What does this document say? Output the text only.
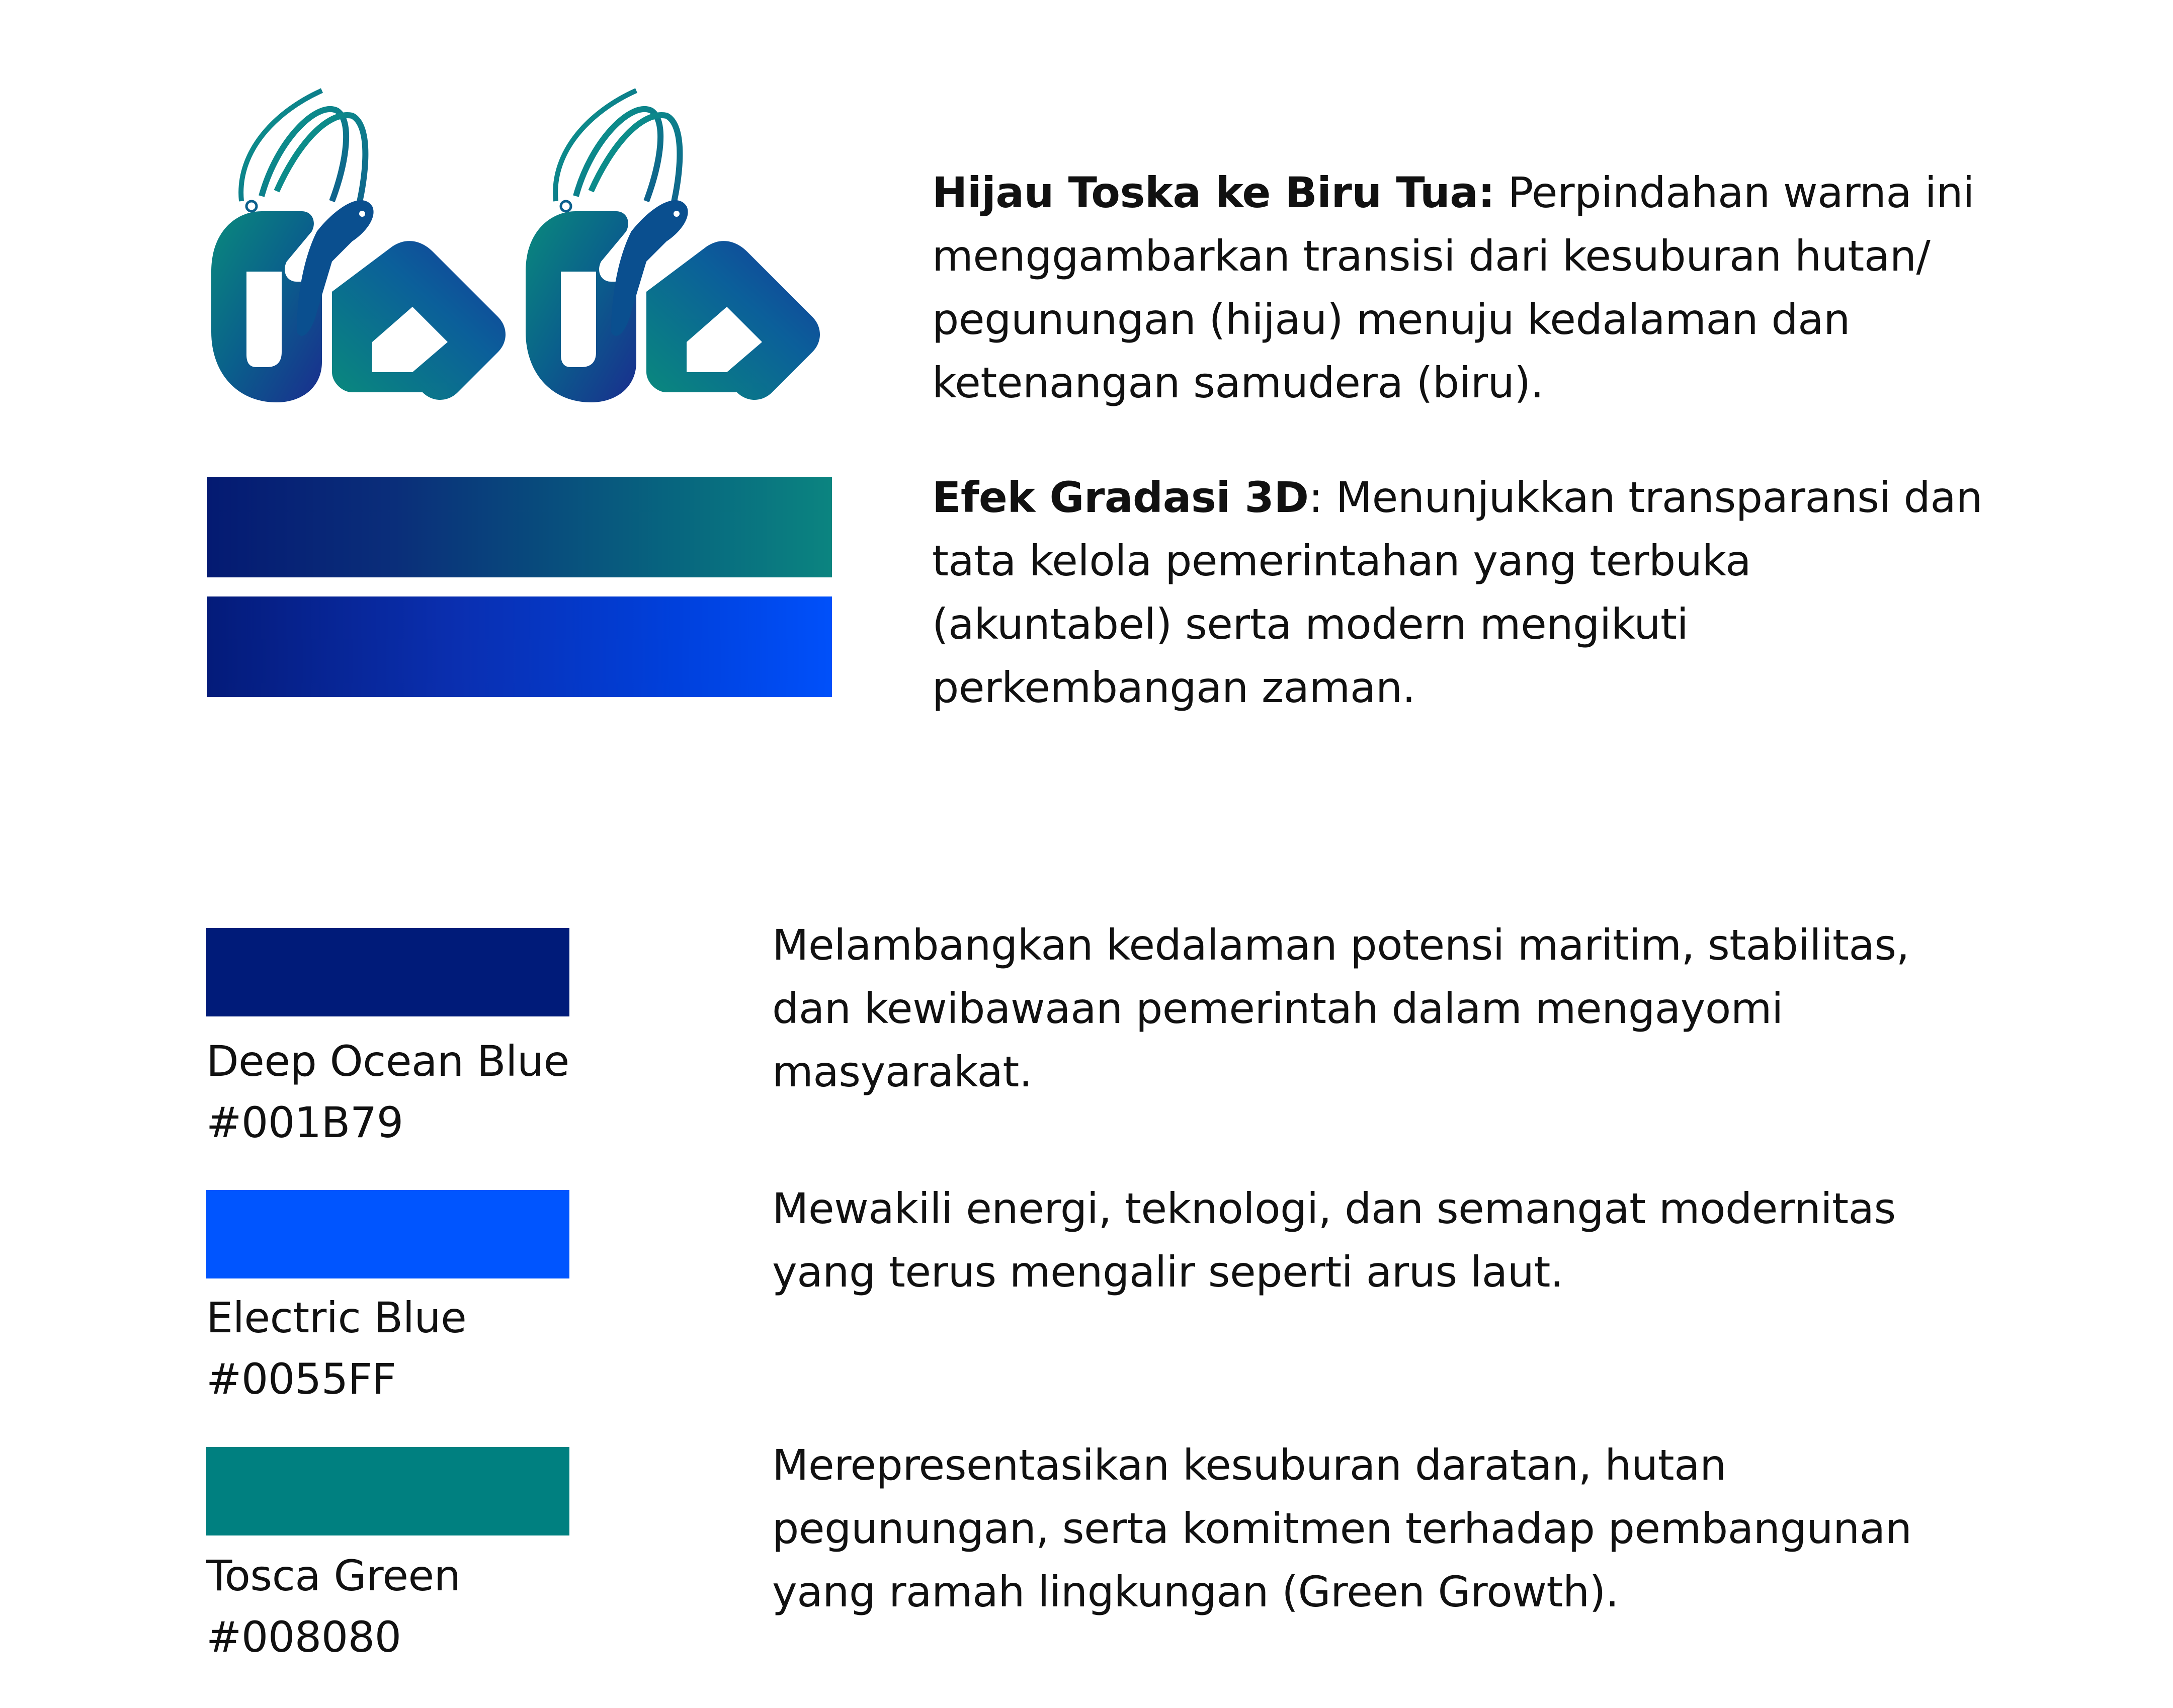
Hijau Toska ke Biru Tua: Perpindahan warna ini
menggambarkan transisi dari kesuburan hutan/
pegunungan (hijau) menuju kedalaman dan
ketenangan samudera (biru).
Efek Gradasi 3D: Menunjukkan transparansi dan
tata kelola pemerintahan yang terbuka
(akuntabel) serta modern mengikuti
perkembangan zaman.
Deep Ocean Blue
#001B79
Melambangkan kedalaman potensi maritim, stabilitas,
dan kewibawaan pemerintah dalam mengayomi
masyarakat.
Electric Blue
#0055FF
Mewakili energi, teknologi, dan semangat modernitas
yang terus mengalir seperti arus laut.
Tosca Green
#008080
Merepresentasikan kesuburan daratan, hutan
pegunungan, serta komitmen terhadap pembangunan
yang ramah lingkungan (Green Growth).
